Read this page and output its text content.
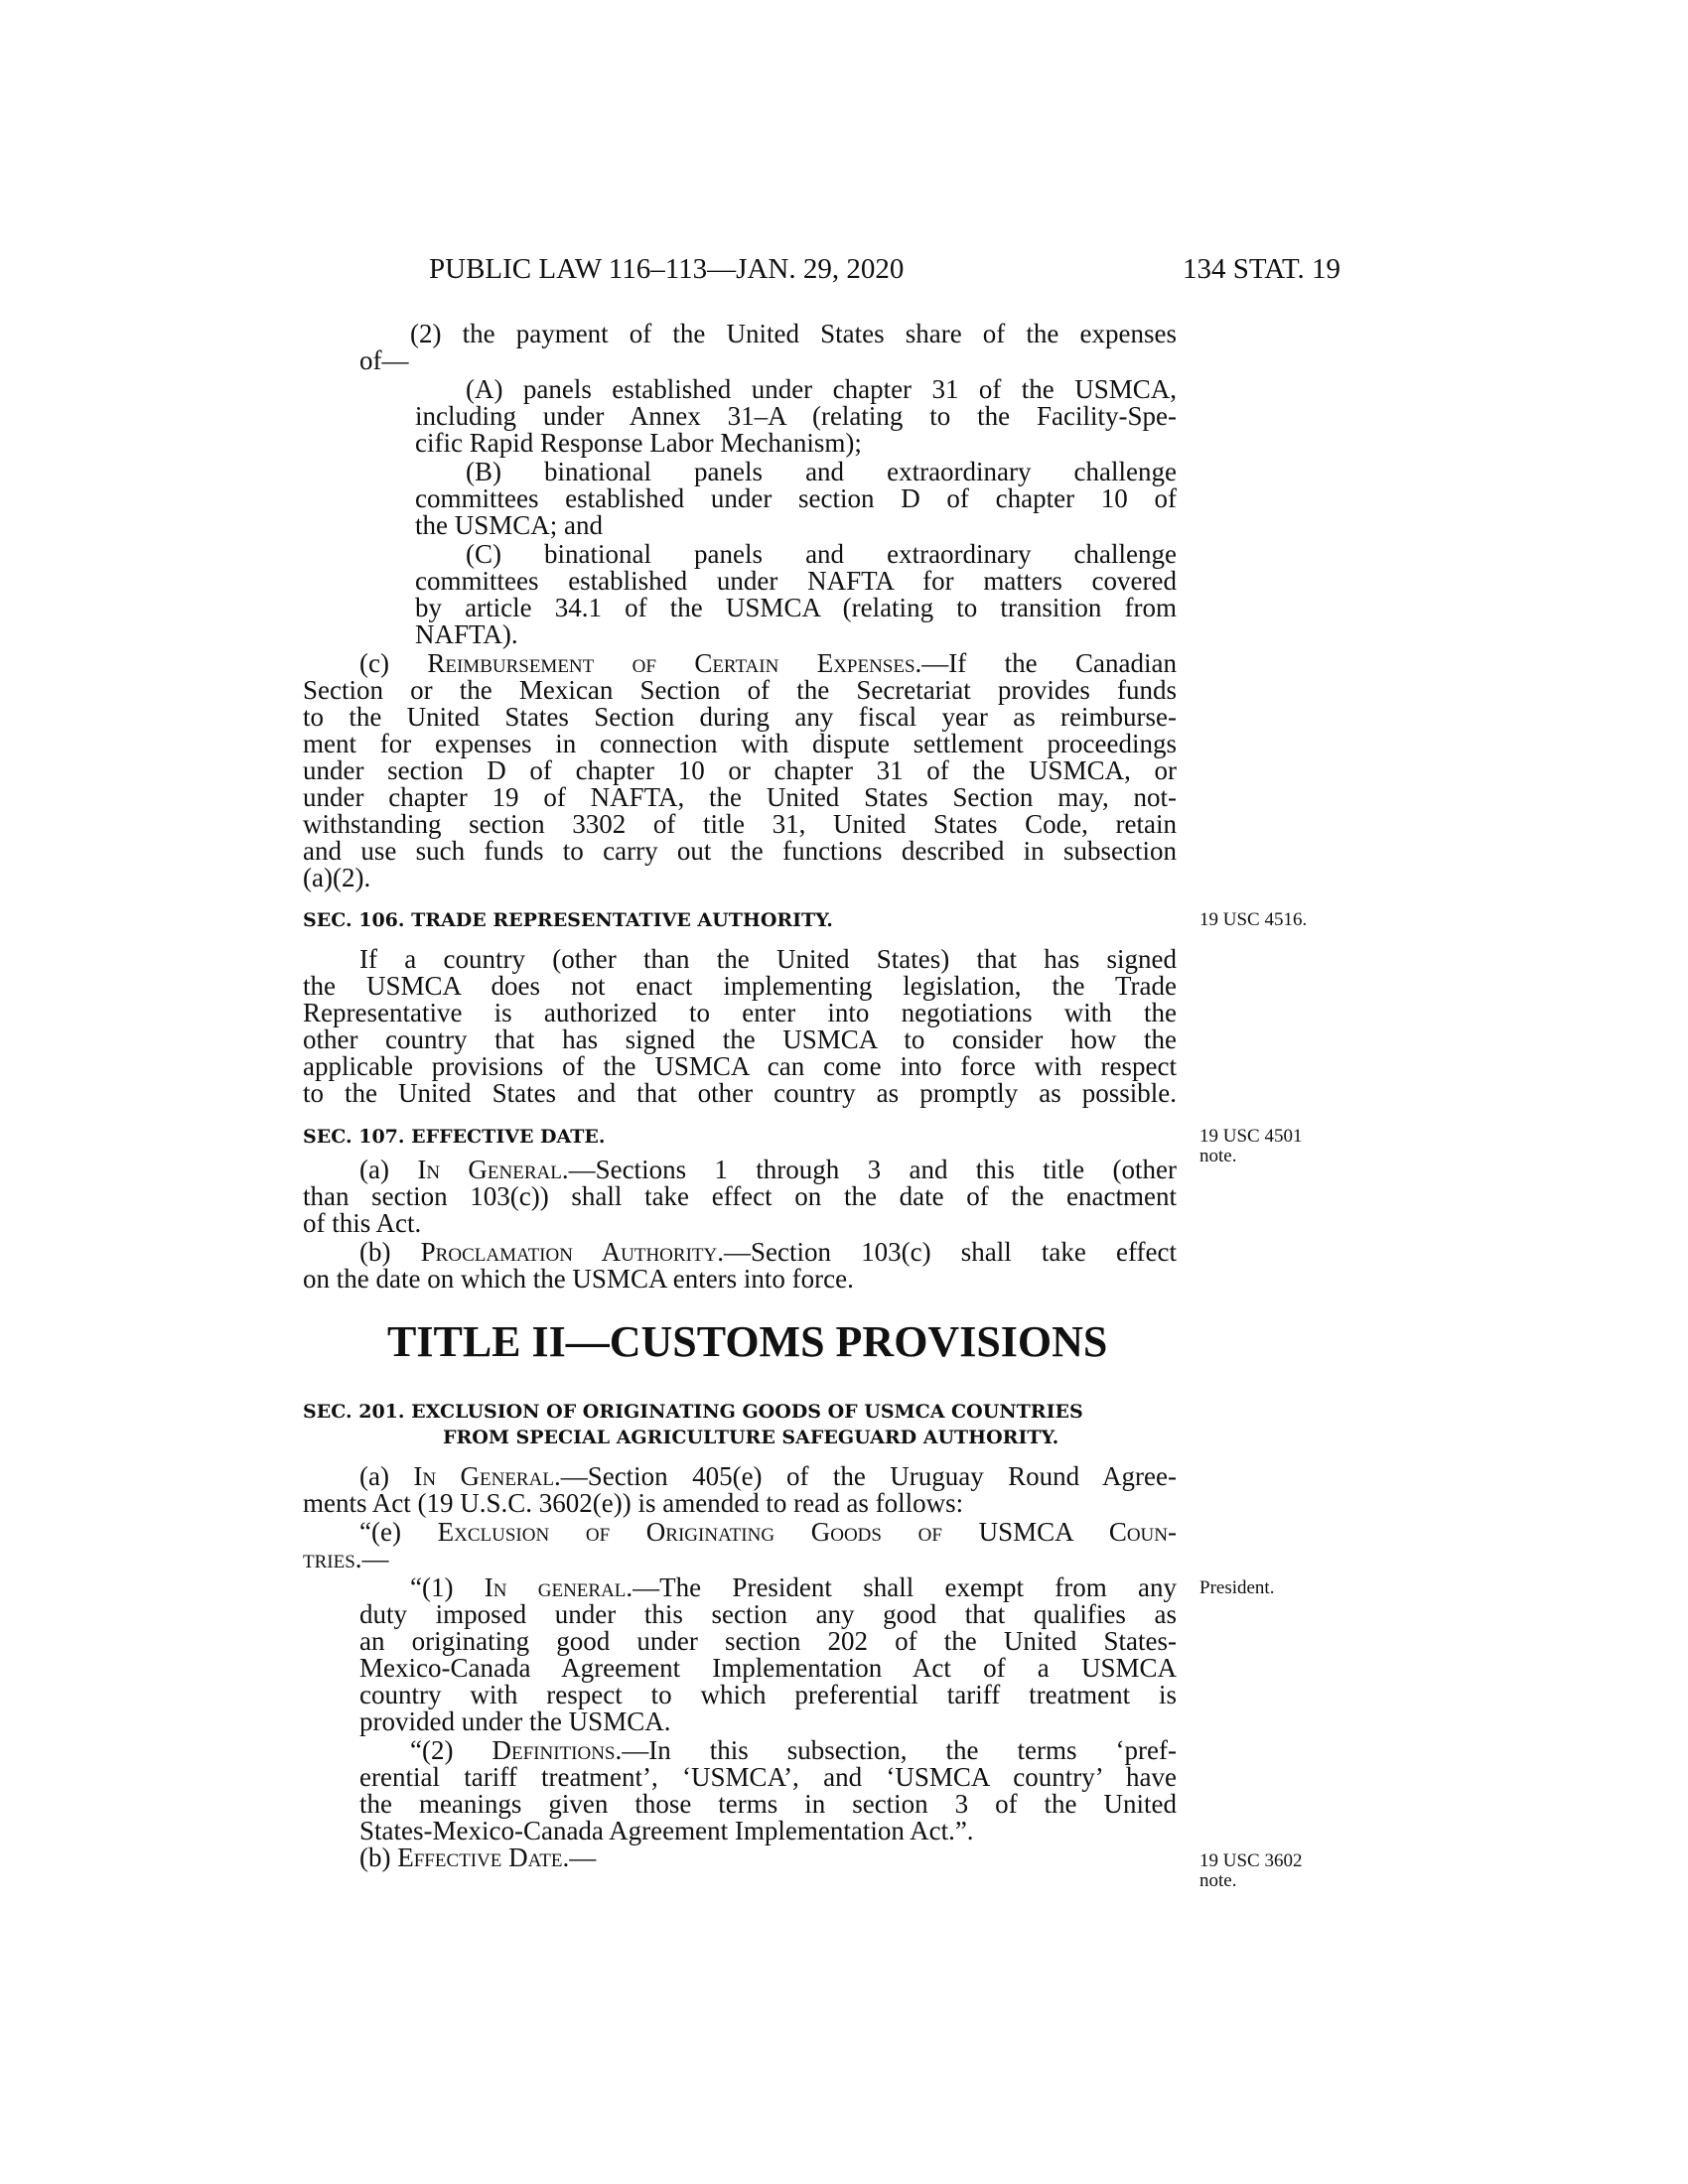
PUBLIC LAW 116–113—JAN. 29, 2020	134 STAT. 19
(2) the payment of the United States share of the expenses
of—
(A) panels established under chapter 31 of the USMCA,
including under Annex 31–A (relating to the Facility-Spe-
cific Rapid Response Labor Mechanism);
(B) binational panels and extraordinary challenge
committees established under section D of chapter 10 of
the USMCA; and
(C) binational panels and extraordinary challenge
committees established under NAFTA for matters covered
by article 34.1 of the USMCA (relating to transition from
NAFTA).
(c) Reimbursement of Certain Expenses.—If the Canadian
Section or the Mexican Section of the Secretariat provides funds
to the United States Section during any fiscal year as reimburse-
ment for expenses in connection with dispute settlement proceedings
under section D of chapter 10 or chapter 31 of the USMCA, or
under chapter 19 of NAFTA, the United States Section may, not-
withstanding section 3302 of title 31, United States Code, retain
and use such funds to carry out the functions described in subsection
(a)(2).
SEC. 106. TRADE REPRESENTATIVE AUTHORITY.	19 USC 4516.
If a country (other than the United States) that has signed
the USMCA does not enact implementing legislation, the Trade
Representative is authorized to enter into negotiations with the
other country that has signed the USMCA to consider how the
applicable provisions of the USMCA can come into force with respect
to the United States and that other country as promptly as possible.
SEC. 107. EFFECTIVE DATE.	19 USC 4501
note.
(a) In General.—Sections 1 through 3 and this title (other
than section 103(c)) shall take effect on the date of the enactment
of this Act.
(b) Proclamation Authority.—Section 103(c) shall take effect
on the date on which the USMCA enters into force.
TITLE II—CUSTOMS PROVISIONS
SEC. 201. EXCLUSION OF ORIGINATING GOODS OF USMCA COUNTRIES
FROM SPECIAL AGRICULTURE SAFEGUARD AUTHORITY.
(a) In General.—Section 405(e) of the Uruguay Round Agree-
ments Act (19 U.S.C. 3602(e)) is amended to read as follows:
“(e) Exclusion of Originating Goods of USMCA Coun-
tries.—
“(1) In general.—The President shall exempt from any President.
duty imposed under this section any good that qualifies as
an originating good under section 202 of the United States-
Mexico-Canada Agreement Implementation Act of a USMCA
country with respect to which preferential tariff treatment is
provided under the USMCA.
“(2) Definitions.—In this subsection, the terms ‘pref-
erential tariff treatment’, ‘USMCA’, and ‘USMCA country’ have
the meanings given those terms in section 3 of the United
States-Mexico-Canada Agreement Implementation Act.”.
(b) Effective Date.—	19 USC 3602
note.
